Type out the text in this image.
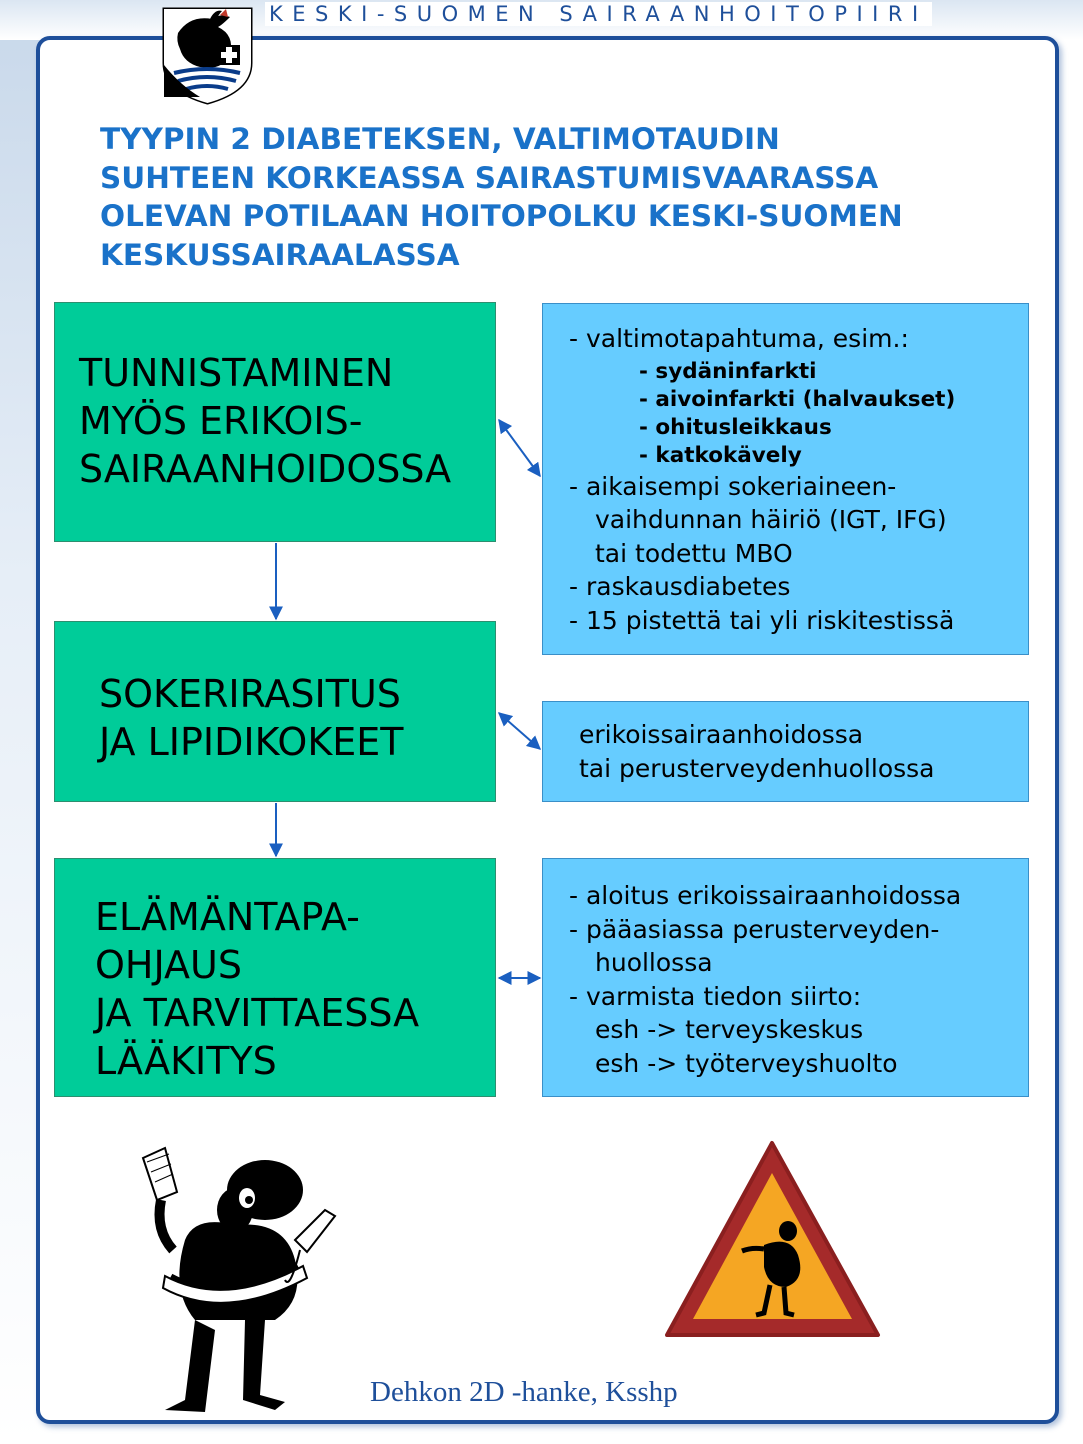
KESKI-SUOMEN SAIRAANHOITOPIIRI
TYYPIN 2 DIABETEKSEN, VALTIMOTAUDIN
SUHTEEN KORKEASSA SAIRASTUMISVAARASSA
OLEVAN POTILAAN HOITOPOLKU KESKI-SUOMEN
KESKUSSAIRAALASSA
TUNNISTAMINEN
MYÖS ERIKOIS-
SAIRAANHOIDOSSA
- valtimotapahtuma, esim.:
- sydäninfarkti
- aivoinfarkti (halvaukset)
- ohitusleikkaus
- katkokävely
- aikaisempi sokeriaineen-
vaihdunnan häiriö (IGT, IFG)
tai todettu MBO
- raskausdiabetes
- 15 pistettä tai yli riskitestissä
SOKERIRASITUS
JA LIPIDIKOKEET	erikoissairaanhoidossa
tai perusterveydenhuollossa
ELÄMÄNTAPA-
OHJAUS
JA TARVITTAESSA
LÄÄKITYS
- aloitus erikoissairaanhoidossa
- pääasiassa perusterveyden-
huollossa
- varmista tiedon siirto:
esh -> terveyskeskus
esh -> työterveyshuolto
Dehkon 2D -hanke, Ksshp
